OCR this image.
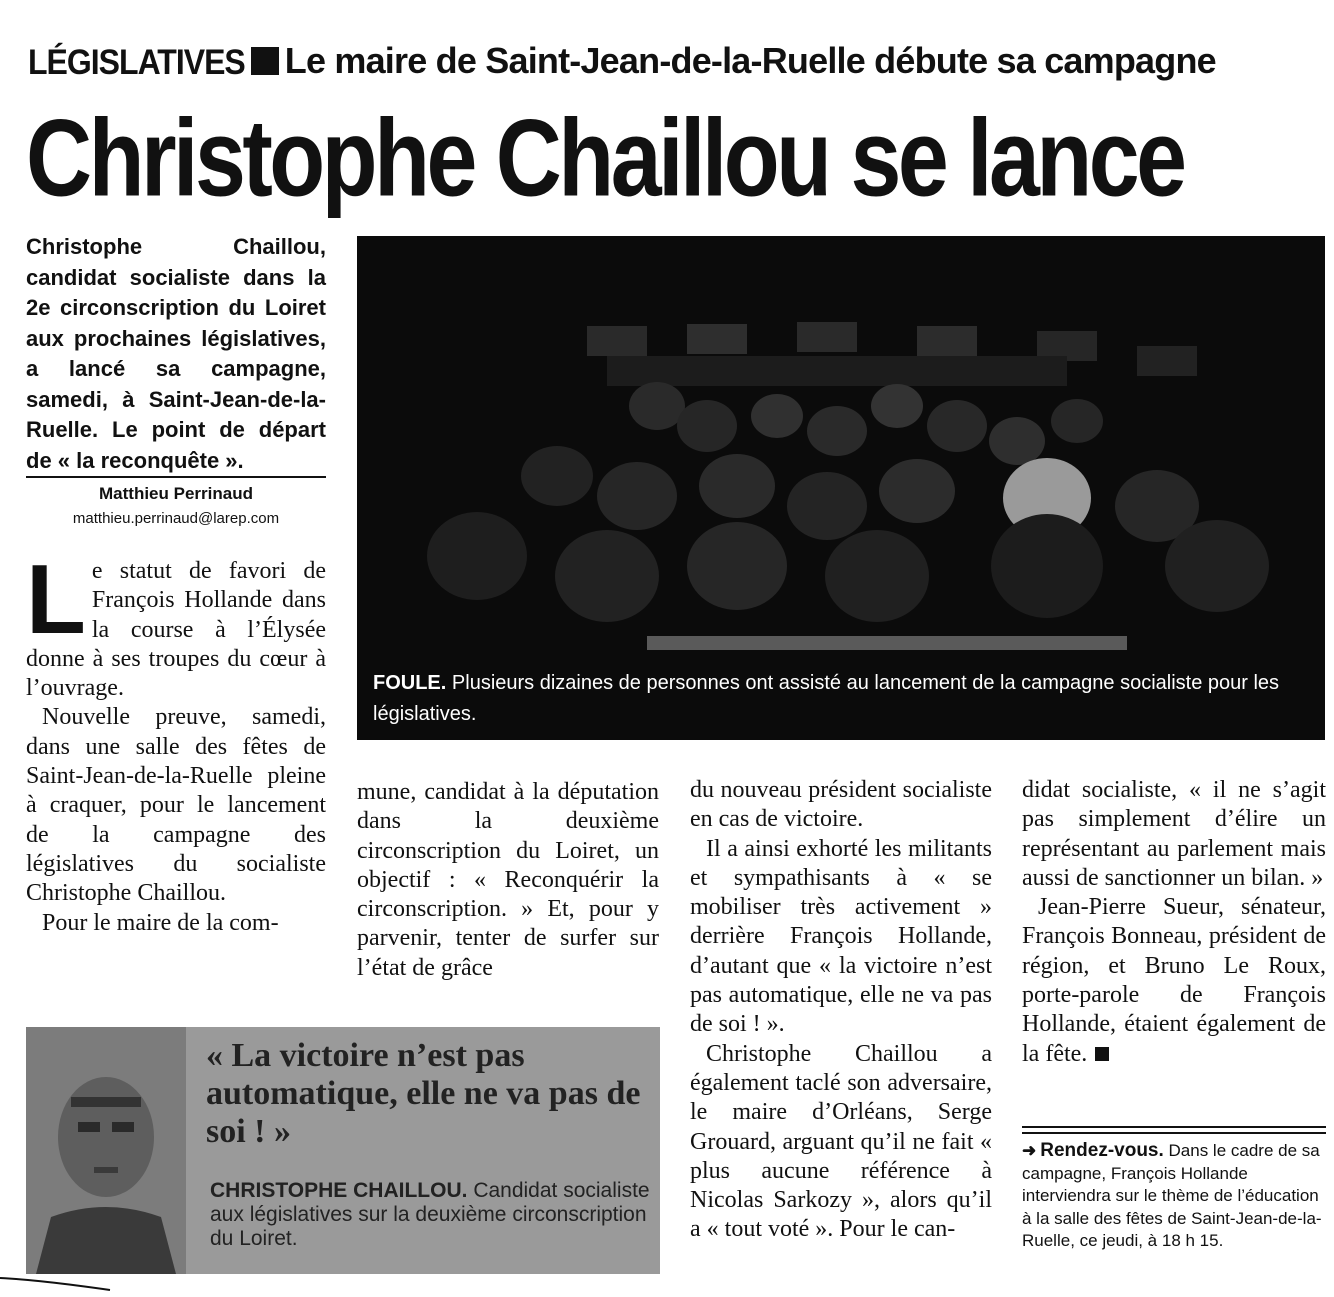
LÉGISLATIVES Le maire de Saint-Jean-de-la-Ruelle débute sa campagne
Christophe Chaillou se lance
Christophe Chaillou, candidat socialiste dans la 2e circonscription du Loiret aux prochaines législatives, a lancé sa campagne, samedi, à Saint-Jean-de-la-Ruelle. Le point de départ de « la reconquête ».
Matthieu Perrinaud
matthieu.perrinaud@larep.com
FOULE. Plusieurs dizaines de personnes ont assisté au lancement de la campagne socialiste pour les législatives.
L e statut de favori de François Hollande dans la course à l’Élysée donne à ses troupes du cœur à l’ouvrage.

Nouvelle preuve, samedi, dans une salle des fêtes de Saint-Jean-de-la-Ruelle pleine à craquer, pour le lancement de la campagne des législatives du socialiste Christophe Chaillou.

Pour le maire de la com-

mune, candidat à la députation dans la deuxième circonscription du Loiret, un objectif : « Reconquérir la circonscription. » Et, pour y parvenir, tenter de surfer sur l’état de grâce

du nouveau président socialiste en cas de victoire.

Il a ainsi exhorté les militants et sympathisants à « se mobiliser très activement » derrière François Hollande, d’autant que « la victoire n’est pas automatique, elle ne va pas de soi ! ».

Christophe Chaillou a également taclé son adversaire, le maire d’Orléans, Serge Grouard, arguant qu’il ne fait « plus aucune référence à Nicolas Sarkozy », alors qu’il a « tout voté ». Pour le can-

didat socialiste, « il ne s’agit pas simplement d’élire un représentant au parlement mais aussi de sanctionner un bilan. »

Jean-Pierre Sueur, sénateur, François Bonneau, président de région, et Bruno Le Roux, porte-parole de François Hollande, étaient également de la fête.

➜ Rendez-vous. Dans le cadre de sa campagne, François Hollande interviendra sur le thème de l’éducation à la salle des fêtes de Saint-Jean-de-la-Ruelle, ce jeudi, à 18 h 15.
« La victoire n’est pas automatique, elle ne va pas de soi ! »
CHRISTOPHE CHAILLOU. Candidat socialiste aux législatives sur la deuxième circonscription du Loiret.
